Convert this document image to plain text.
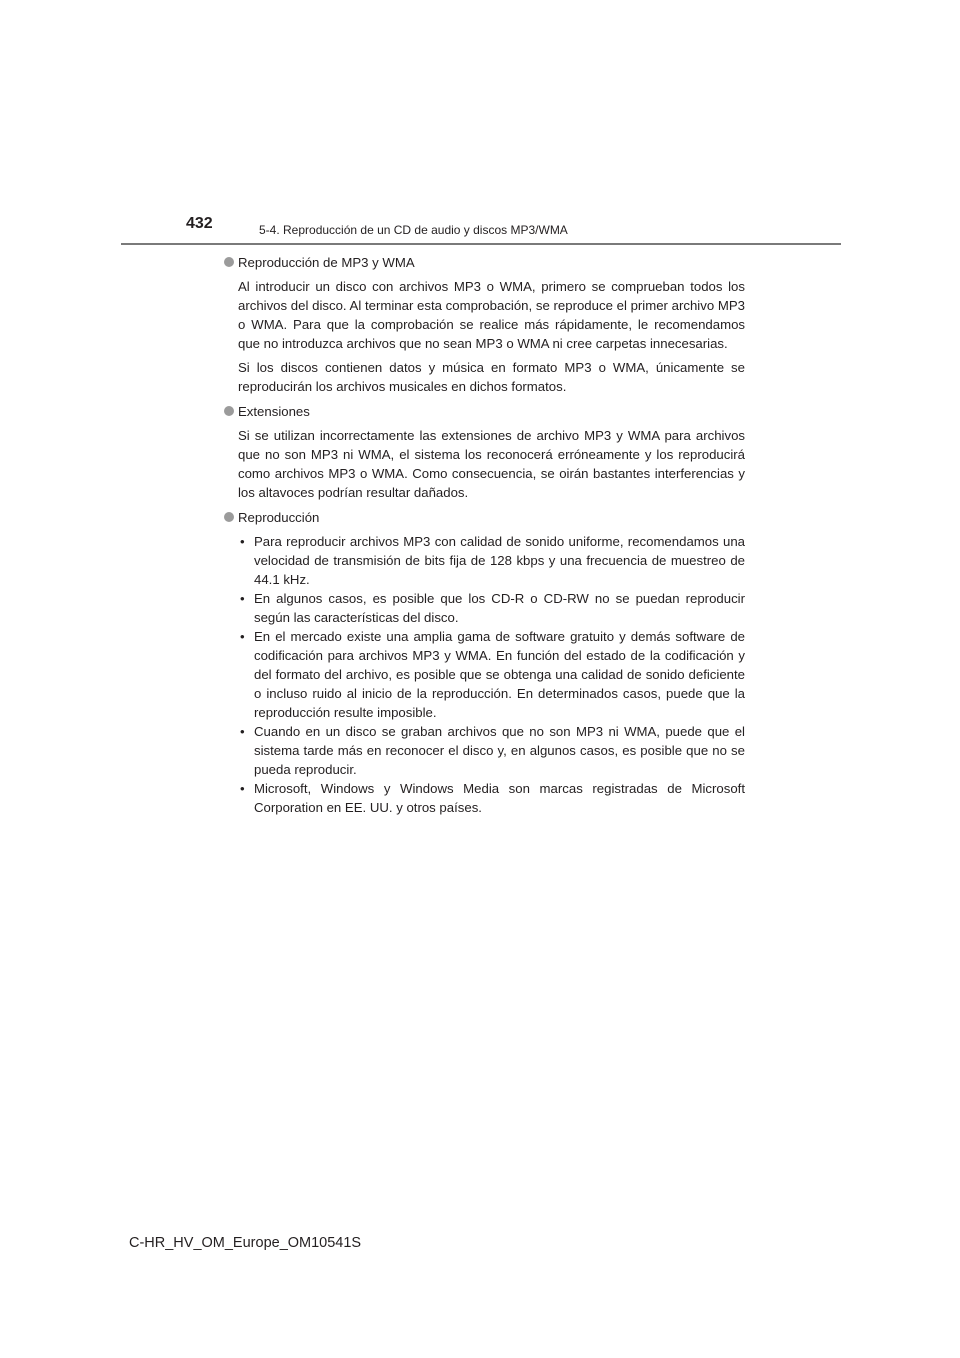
432	5-4. Reproducción de un CD de audio y discos MP3/WMA
Reproducción de MP3 y WMA

Al introducir un disco con archivos MP3 o WMA, primero se comprueban todos los archivos del disco. Al terminar esta comprobación, se reproduce el primer archivo MP3 o WMA. Para que la comprobación se realice más rápidamente, le recomendamos que no introduzca archivos que no sean MP3 o WMA ni cree carpetas innecesarias.

Si los discos contienen datos y música en formato MP3 o WMA, únicamente se reproducirán los archivos musicales en dichos formatos.

Extensiones

Si se utilizan incorrectamente las extensiones de archivo MP3 y WMA para archivos que no son MP3 ni WMA, el sistema los reconocerá erróneamente y los reproducirá como archivos MP3 o WMA. Como consecuencia, se oirán bastantes interferencias y los altavoces podrían resultar dañados.

Reproducción
• Para reproducir archivos MP3 con calidad de sonido uniforme, recomendamos una velocidad de transmisión de bits fija de 128 kbps y una frecuencia de muestreo de 44.1 kHz.
• En algunos casos, es posible que los CD-R o CD-RW no se puedan reproducir según las características del disco.
• En el mercado existe una amplia gama de software gratuito y demás software de codificación para archivos MP3 y WMA. En función del estado de la codificación y del formato del archivo, es posible que se obtenga una calidad de sonido deficiente o incluso ruido al inicio de la reproducción. En determinados casos, puede que la reproducción resulte imposible.
• Cuando en un disco se graban archivos que no son MP3 ni WMA, puede que el sistema tarde más en reconocer el disco y, en algunos casos, es posible que no se pueda reproducir.
• Microsoft, Windows y Windows Media son marcas registradas de Microsoft Corporation en EE. UU. y otros países.
C-HR_HV_OM_Europe_OM10541S
